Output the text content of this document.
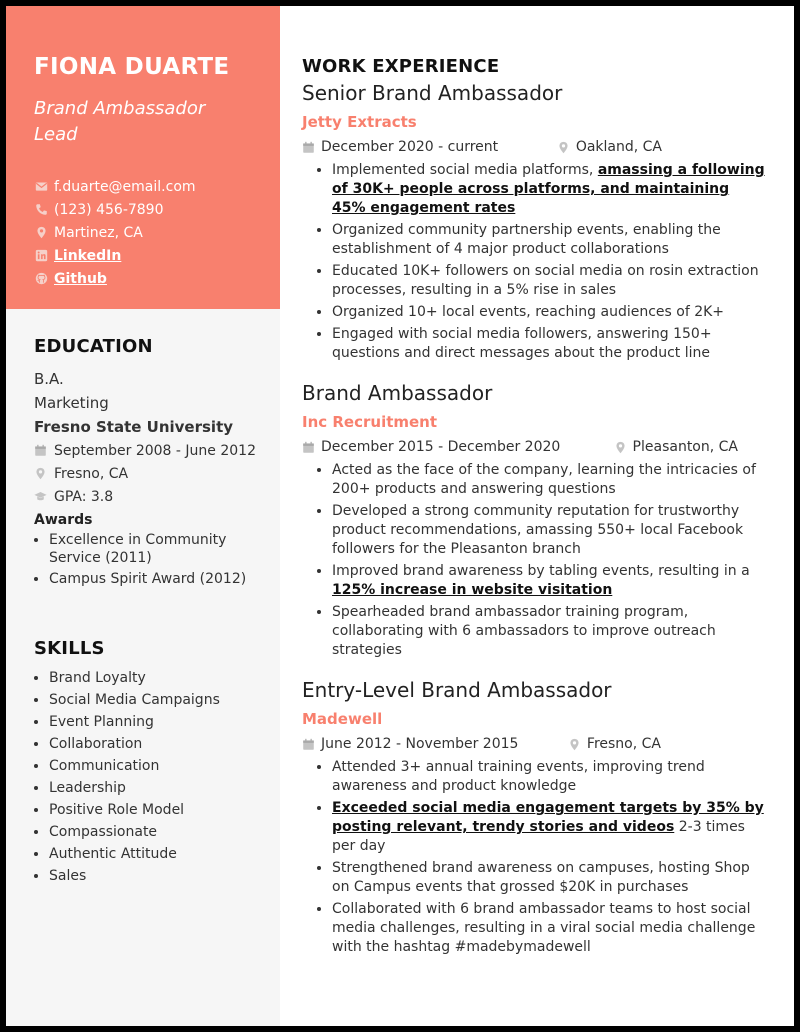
FIONA DUARTE
Brand Ambassador Lead
f.duarte@email.com
(123) 456-7890
Martinez, CA
LinkedIn
Github
EDUCATION
B.A.
Marketing
Fresno State University
September 2008 - June 2012
Fresno, CA
GPA: 3.8
Awards
• Excellence in Community Service (2011)
• Campus Spirit Award (2012)
SKILLS
• Brand Loyalty
• Social Media Campaigns
• Event Planning
• Collaboration
• Communication
• Leadership
• Positive Role Model
• Compassionate
• Authentic Attitude
• Sales
WORK EXPERIENCE
Senior Brand Ambassador
Jetty Extracts
December 2020 - current	Oakland, CA
• Implemented social media platforms, amassing a following of 30K+ people across platforms, and maintaining 45% engagement rates
• Organized community partnership events, enabling the establishment of 4 major product collaborations
• Educated 10K+ followers on social media on rosin extraction processes, resulting in a 5% rise in sales
• Organized 10+ local events, reaching audiences of 2K+
• Engaged with social media followers, answering 150+ questions and direct messages about the product line
Brand Ambassador
Inc Recruitment
December 2015 - December 2020	Pleasanton, CA
• Acted as the face of the company, learning the intricacies of 200+ products and answering questions
• Developed a strong community reputation for trustworthy product recommendations, amassing 550+ local Facebook followers for the Pleasanton branch
• Improved brand awareness by tabling events, resulting in a 125% increase in website visitation
• Spearheaded brand ambassador training program, collaborating with 6 ambassadors to improve outreach strategies
Entry-Level Brand Ambassador
Madewell
June 2012 - November 2015	Fresno, CA
• Attended 3+ annual training events, improving trend awareness and product knowledge
• Exceeded social media engagement targets by 35% by posting relevant, trendy stories and videos 2-3 times per day
• Strengthened brand awareness on campuses, hosting Shop on Campus events that grossed $20K in purchases
• Collaborated with 6 brand ambassador teams to host social media challenges, resulting in a viral social media challenge with the hashtag #madebymadewell
